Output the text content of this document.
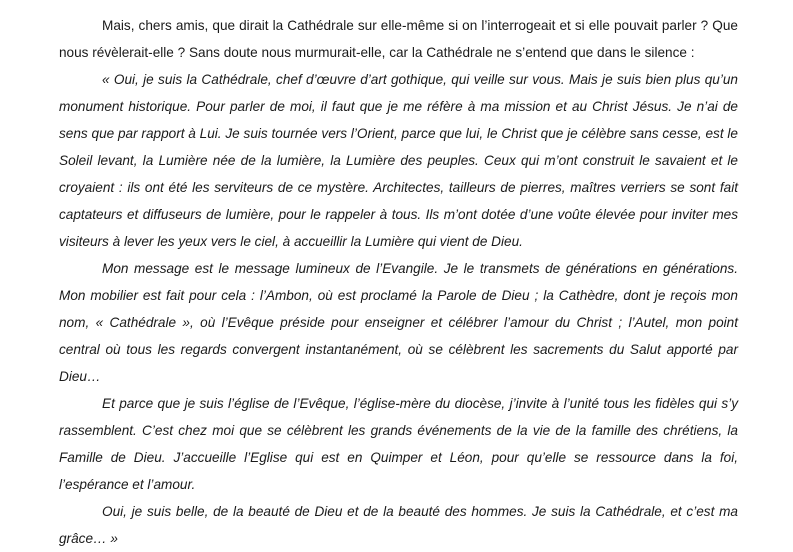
Mais, chers amis, que dirait la Cathédrale sur elle-même si on l’interrogeait et si elle pouvait parler ? Que nous révèlerait-elle ? Sans doute nous murmurait-elle, car la Cathédrale ne s’entend que dans le silence :

« Oui, je suis la Cathédrale, chef d’œuvre d’art gothique, qui veille sur vous. Mais je suis bien plus qu’un monument historique. Pour parler de moi, il faut que je me réfère à ma mission et au Christ Jésus. Je n’ai de sens que par rapport à Lui. Je suis tournée vers l’Orient, parce que lui, le Christ que je célèbre sans cesse, est le Soleil levant, la Lumière née de la lumière, la Lumière des peuples. Ceux qui m’ont construit le savaient et le croyaient : ils ont été les serviteurs de ce mystère. Architectes, tailleurs de pierres, maîtres verriers se sont fait captateurs et diffuseurs de lumière, pour le rappeler à tous. Ils m’ont dotée d’une voûte élevée pour inviter mes visiteurs à lever les yeux vers le ciel, à accueillir la Lumière qui vient de Dieu.

Mon message est le message lumineux de l’Evangile. Je le transmets de générations en générations. Mon mobilier est fait pour cela : l’Ambon, où est proclamé la Parole de Dieu ; la Cathèdre, dont je reçois mon nom, « Cathédrale », où l’Evêque préside pour enseigner et célébrer l’amour du Christ ; l’Autel, mon point central où tous les regards convergent instantanément, où se célèbrent les sacrements du Salut apporté par Dieu…

Et parce que je suis l’église de l’Evêque, l’église-mère du diocèse, j’invite à l’unité tous les fidèles qui s’y rassemblent. C’est chez moi que se célèbrent les grands événements de la vie de la famille des chrétiens, la Famille de Dieu. J’accueille l’Eglise qui est en Quimper et Léon, pour qu’elle se ressource dans la foi, l’espérance et l’amour.

Oui, je suis belle, de la beauté de Dieu et de la beauté des hommes. Je suis la Cathédrale, et c’est ma grâce… »
